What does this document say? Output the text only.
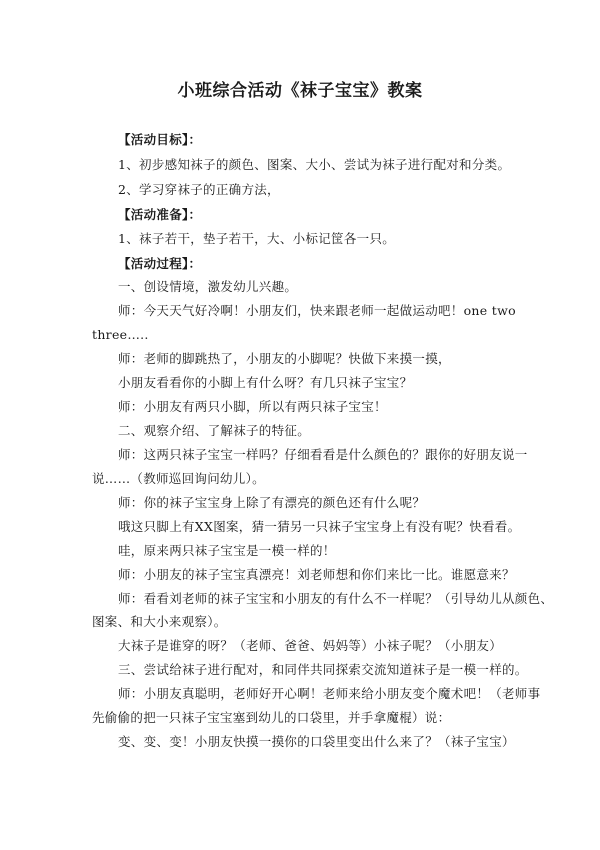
小班综合活动《袜子宝宝》教案
【活动目标】：
1、初步感知袜子的颜色、图案、大小、尝试为袜子进行配对和分类。
2、学习穿袜子的正确方法，
【活动准备】：
1、袜子若干，垫子若干，大、小标记筐各一只。
【活动过程】：
一、创设情境，激发幼儿兴趣。
师：今天天气好冷啊！小朋友们，快来跟老师一起做运动吧！one two
three…..
师：老师的脚跳热了，小朋友的小脚呢？快做下来摸一摸，
小朋友看看你的小脚上有什么呀？有几只袜子宝宝？
师：小朋友有两只小脚，所以有两只袜子宝宝！
二、观察介绍、了解袜子的特征。
师：这两只袜子宝宝一样吗？仔细看看是什么颜色的？跟你的好朋友说一
说……（教师巡回询问幼儿）。
师：你的袜子宝宝身上除了有漂亮的颜色还有什么呢？
哦这只脚上有XX图案，猜一猜另一只袜子宝宝身上有没有呢？快看看。
哇，原来两只袜子宝宝是一模一样的！
师：小朋友的袜子宝宝真漂亮！刘老师想和你们来比一比。谁愿意来？
师：看看刘老师的袜子宝宝和小朋友的有什么不一样呢？（引导幼儿从颜色、
图案、和大小来观察）。
大袜子是谁穿的呀？（老师、爸爸、妈妈等）小袜子呢？（小朋友）
三、尝试给袜子进行配对，和同伴共同探索交流知道袜子是一模一样的。
师：小朋友真聪明，老师好开心啊！老师来给小朋友变个魔术吧！（老师事
先偷偷的把一只袜子宝宝塞到幼儿的口袋里，并手拿魔棍）说：
变、变、变！小朋友快摸一摸你的口袋里变出什么来了？（袜子宝宝）
